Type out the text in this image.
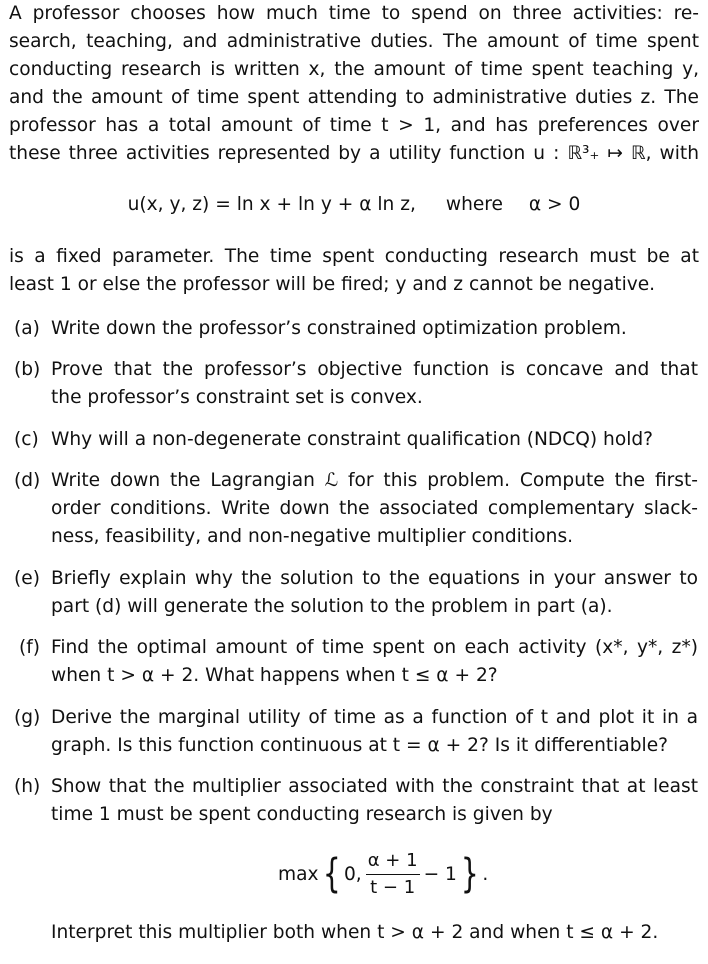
A professor chooses how much time to spend on three activities: re-
search, teaching, and administrative duties. The amount of time spent
conducting research is written x, the amount of time spent teaching y,
and the amount of time spent attending to administrative duties z. The
professor has a total amount of time t > 1, and has preferences over
these three activities represented by a utility function u : ℝ³₊ ↦ ℝ, with
u(x, y, z) = ln x + ln y + α ln z, where α > 0
is a fixed parameter. The time spent conducting research must be at
least 1 or else the professor will be fired; y and z cannot be negative.
(a) Write down the professor’s constrained optimization problem.
(b) Prove that the professor’s objective function is concave and that
the professor’s constraint set is convex.
(c) Why will a non-degenerate constraint qualification (NDCQ) hold?
(d) Write down the Lagrangian ℒ for this problem. Compute the first-
order conditions. Write down the associated complementary slack-
ness, feasibility, and non-negative multiplier conditions.
(e) Briefly explain why the solution to the equations in your answer to
part (d) will generate the solution to the problem in part (a).
(f) Find the optimal amount of time spent on each activity (x*, y*, z*)
when t > α + 2. What happens when t ≤ α + 2?
(g) Derive the marginal utility of time as a function of t and plot it in a
graph. Is this function continuous at t = α + 2? Is it differentiable?
(h) Show that the multiplier associated with the constraint that at least
time 1 must be spent conducting research is given by
max { 0, $\frac{\alpha + 1}{t - 1} - 1$ } .
Interpret this multiplier both when t > α + 2 and when t ≤ α + 2.
